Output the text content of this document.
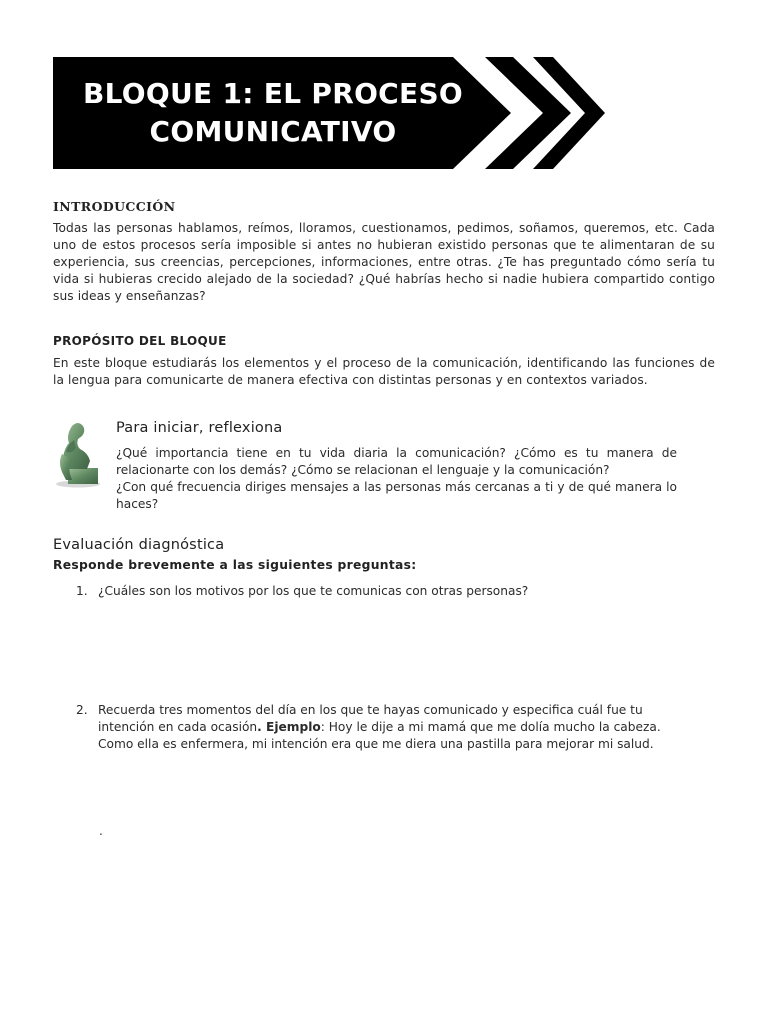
BLOQUE 1: EL PROCESO
COMUNICATIVO

INTRODUCCIÓN

Todas las personas hablamos, reímos, lloramos, cuestionamos, pedimos, soñamos, queremos, etc. Cada uno de estos procesos sería imposible si antes no hubieran existido personas que te alimentaran de su experiencia, sus creencias, percepciones, informaciones, entre otras. ¿Te has preguntado cómo sería tu vida si hubieras crecido alejado de la sociedad? ¿Qué habrías hecho si nadie hubiera compartido contigo sus ideas y enseñanzas?

PROPÓSITO DEL BLOQUE

En este bloque estudiarás los elementos y el proceso de la comunicación, identificando las funciones de la lengua para comunicarte de manera efectiva con distintas personas y en contextos variados.

Para iniciar, reflexiona

¿Qué importancia tiene en tu vida diaria la comunicación? ¿Cómo es tu manera de relacionarte con los demás? ¿Cómo se relacionan el lenguaje y la comunicación?
¿Con qué frecuencia diriges mensajes a las personas más cercanas a ti y de qué manera lo haces?

Evaluación diagnóstica

Responde brevemente a las siguientes preguntas:

1. ¿Cuáles son los motivos por los que te comunicas con otras personas?
2. Recuerda tres momentos del día en los que te hayas comunicado y especifica cuál fue tu intención en cada ocasión. Ejemplo: Hoy le dije a mi mamá que me dolía mucho la cabeza. Como ella es enfermera, mi intención era que me diera una pastilla para mejorar mi salud.
.
